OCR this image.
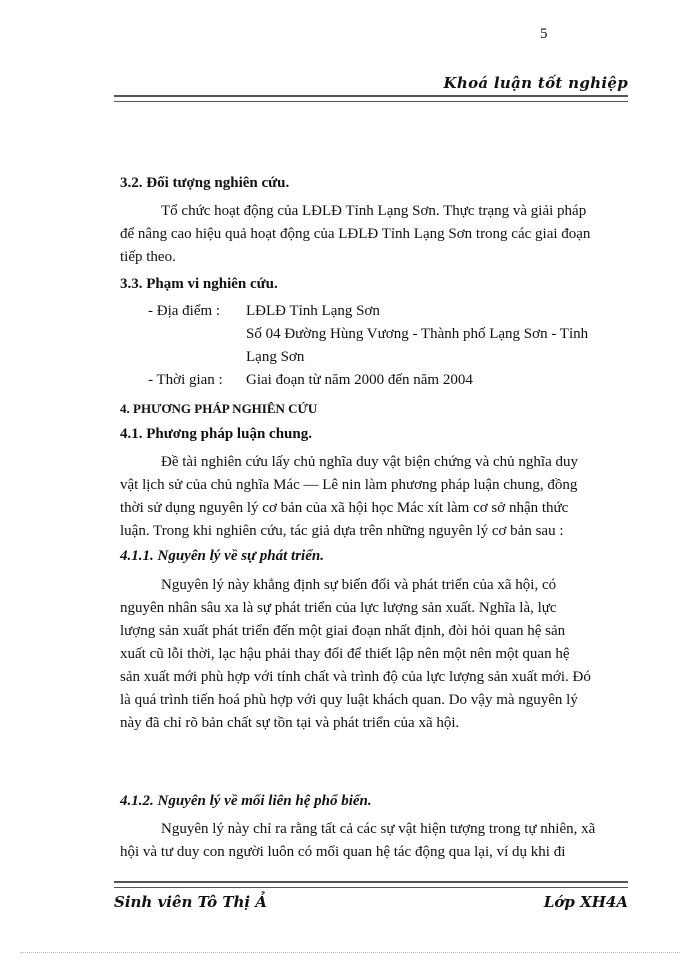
5
Khoá luận tốt nghiệp
3.2. Đối tượng nghiên cứu.
Tổ chức hoạt động của LĐLĐ Tỉnh Lạng Sơn. Thực trạng và giải pháp
để nâng cao hiệu quả hoạt động của LĐLĐ Tỉnh Lạng Sơn trong các giai đoạn
tiếp theo.
3.3. Phạm vi nghiên cứu.
- Địa điểm : LĐLĐ Tỉnh Lạng Sơn
Số 04 Đường Hùng Vương - Thành phố Lạng Sơn - Tỉnh
Lạng Sơn
- Thời gian : Giai đoạn từ năm 2000 đến năm 2004
4. PHƯƠNG PHÁP NGHIÊN CỨU
4.1. Phương pháp luận chung.
Đề tài nghiên cứu lấy chủ nghĩa duy vật biện chứng và chủ nghĩa duy
vật lịch sử của chủ nghĩa Mác — Lê nin làm phương pháp luận chung, đồng
thời sử dụng nguyên lý cơ bản của xã hội học Mác xít làm cơ sở nhận thức
luận. Trong khi nghiên cứu, tác giả dựa trên những nguyên lý cơ bản sau :
4.1.1. Nguyên lý về sự phát triển.
Nguyên lý này khẳng định sự biến đổi và phát triển của xã hội, có
nguyên nhân sâu xa là sự phát triển của lực lượng sản xuất. Nghĩa là, lực
lượng sản xuất phát triển đến một giai đoạn nhất định, đòi hỏi quan hệ sản
xuất cũ lỗi thời, lạc hậu phải thay đổi để thiết lập nên một nên một quan hệ
sản xuất mới phù hợp với tính chất và trình độ của lực lượng sản xuất mới. Đó
là quá trình tiến hoá phù hợp với quy luật khách quan. Do vậy mà nguyên lý
này đã chỉ rõ bản chất sự tồn tại và phát triển của xã hội.
4.1.2. Nguyên lý về mối liên hệ phổ biến.
Nguyên lý này chỉ ra rằng tất cả các sự vật hiện tượng trong tự nhiên, xã
hội và tư duy con người luôn có mối quan hệ tác động qua lại, ví dụ khi đi
Sinh viên Tô Thị Ả	Lớp XH4A
